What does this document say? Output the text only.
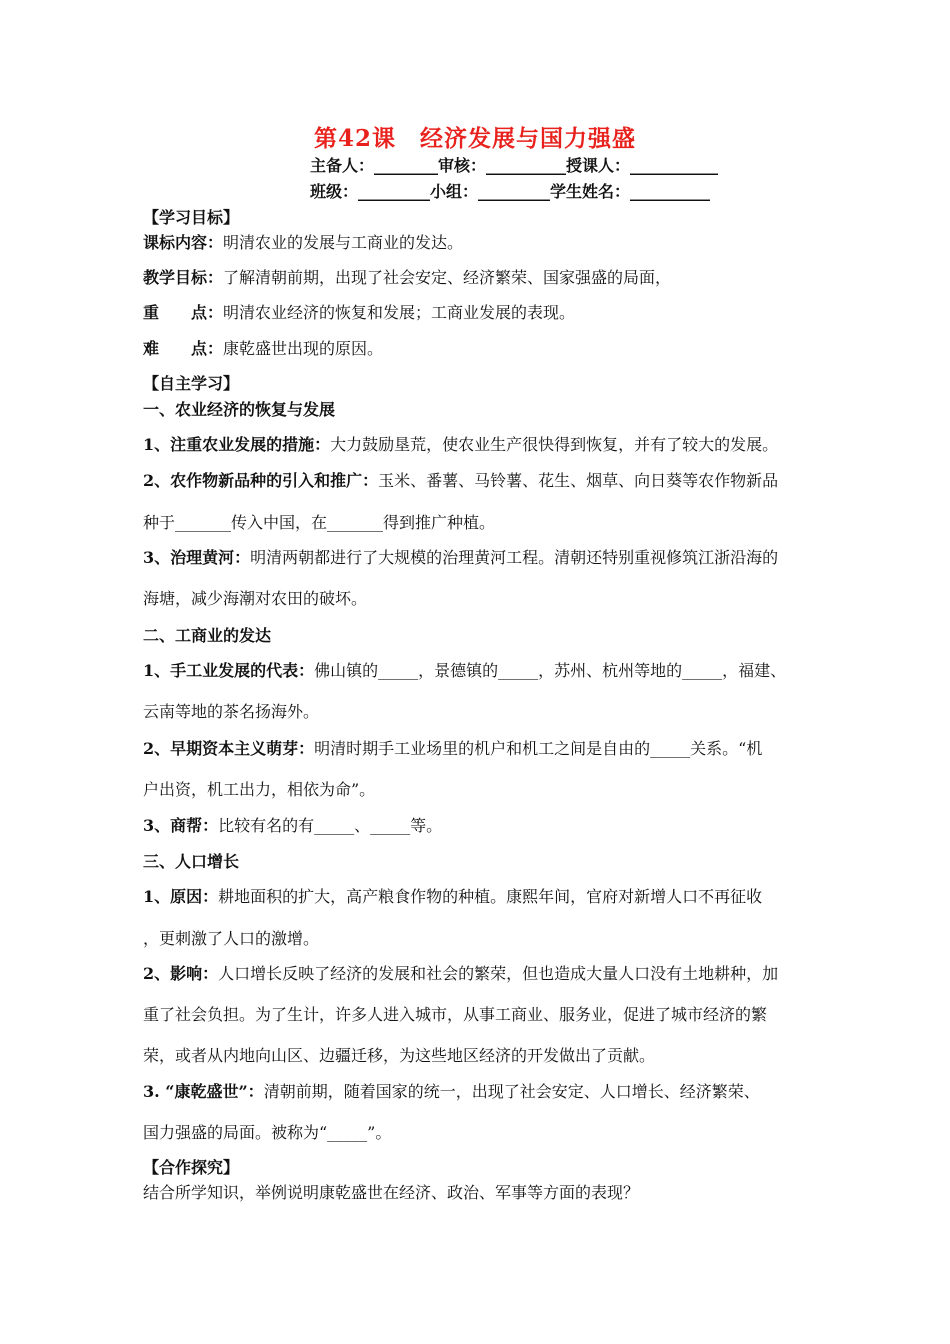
第42课　经济发展与国力强盛
主备人：________审核：__________授课人：___________
班级：_________小组：_________学生姓名：__________
【学习目标】
课标内容：明清农业的发展与工商业的发达。
教学目标：了解清朝前期，出现了社会安定、经济繁荣、国家强盛的局面，
重　　点：明清农业经济的恢复和发展；工商业发展的表现。
难　　点：康乾盛世出现的原因。
【自主学习】
一、农业经济的恢复与发展
1、注重农业发展的措施：大力鼓励垦荒，使农业生产很快得到恢复，并有了较大的发展。
2、农作物新品种的引入和推广：玉米、番薯、马铃薯、花生、烟草、向日葵等农作物新品
种于_______传入中国，在_______得到推广种植。
3、治理黄河：明清两朝都进行了大规模的治理黄河工程。清朝还特别重视修筑江浙沿海的
海塘，减少海潮对农田的破坏。
二、工商业的发达
1、手工业发展的代表：佛山镇的_____，景德镇的_____，苏州、杭州等地的_____，福建、
云南等地的茶名扬海外。
2、早期资本主义萌芽：明清时期手工业场里的机户和机工之间是自由的_____关系。“机
户出资，机工出力，相依为命”。
3、商帮：比较有名的有_____、_____等。
三、人口增长
1、原因：耕地面积的扩大，高产粮食作物的种植。康熙年间，官府对新增人口不再征收
，更刺激了人口的激增。
2、影响：人口增长反映了经济的发展和社会的繁荣，但也造成大量人口没有土地耕种，加
重了社会负担。为了生计，许多人进入城市，从事工商业、服务业，促进了城市经济的繁
荣，或者从内地向山区、边疆迁移，为这些地区经济的开发做出了贡献。
3. “康乾盛世”：清朝前期，随着国家的统一，出现了社会安定、人口增长、经济繁荣、
国力强盛的局面。被称为“_____”。
【合作探究】
结合所学知识，举例说明康乾盛世在经济、政治、军事等方面的表现？
